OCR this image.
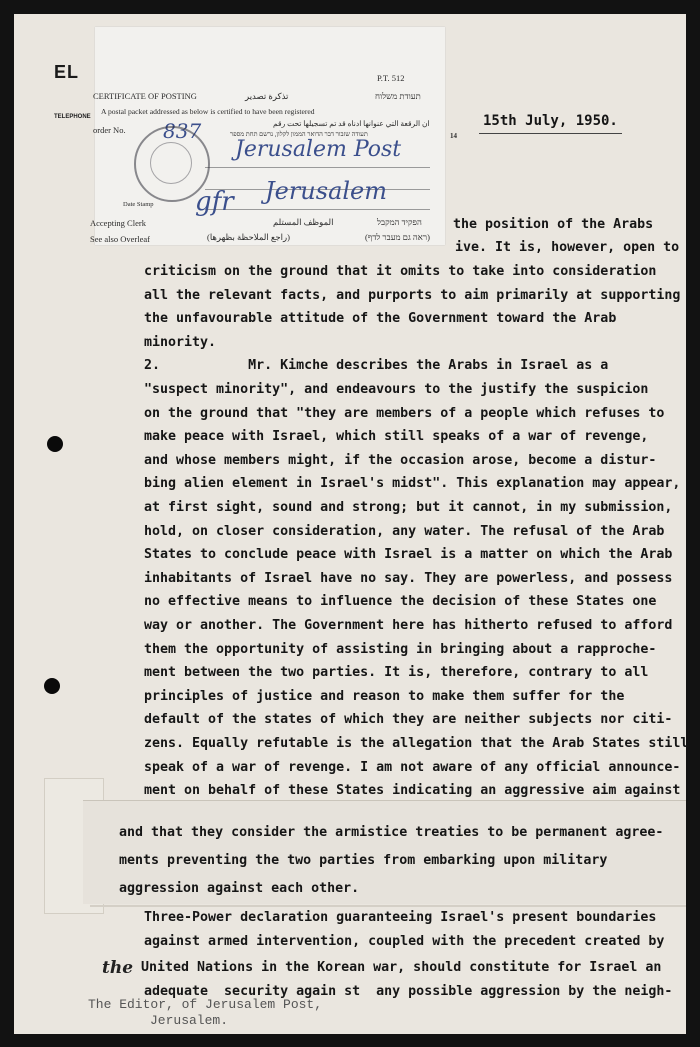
EL
TELEPHONE	15th July, 1950.
CERTIFICATE OF POSTING	تذكرة تصدير	תעודת משלוח
P.T. 512
A postal packet addressed as below is certified to have been registered
order No.
ان الرقعة التي عنوانها ادناه قد تم تسجيلها تحت رقم
תעודה שזבור דבר הדואר הממון לקלון, נרשם תחת מספר	14
Date Stamp
Accepting Clerk	الموظف المستلم	הפקיד המקבל
See also Overleaf	(راجع الملاحظة بظهرها)	(ראה גם מעבר לדף)
837
Jerusalem Post
Jerusalem
gfr
the position of the Arabs
ive. It is, however, open to
criticism on the ground that it omits to take into consideration
all the relevant facts, and purports to aim primarily at supporting
the unfavourable attitude of the Government toward the Arab
minority.
2.           Mr. Kimche describes the Arabs in Israel as a
"suspect minority", and endeavours to the justify the suspicion
on the ground that "they are members of a people which refuses to
make peace with Israel, which still speaks of a war of revenge,
and whose members might, if the occasion arose, become a distur-
bing alien element in Israel's midst". This explanation may appear,
at first sight, sound and strong; but it cannot, in my submission,
hold, on closer consideration, any water. The refusal of the Arab
States to conclude peace with Israel is a matter on which the Arab
inhabitants of Israel have no say. They are powerless, and possess
no effective means to influence the decision of these States one
way or another. The Government here has hitherto refused to afford
them the opportunity of assisting in bringing about a rapproche-
ment between the two parties. It is, therefore, contrary to all
principles of justice and reason to make them suffer for the
default of the states of which they are neither subjects nor citi-
zens. Equally refutable is the allegation that the Arab States still
speak of a war of revenge. I am not aware of any official announce-
ment on behalf of these States indicating an aggressive aim against
and that they consider the armistice treaties to be permanent agree-
ments preventing the two parties from embarking upon military
aggression against each other.
Three-Power declaration guaranteeing Israel's present boundaries
against armed intervention, coupled with the precedent created by
United Nations in the Korean war, should constitute for Israel an
adequate  security again st  any possible aggression by the neigh-
the
The Editor, of Jerusalem Post,
Jerusalem.
